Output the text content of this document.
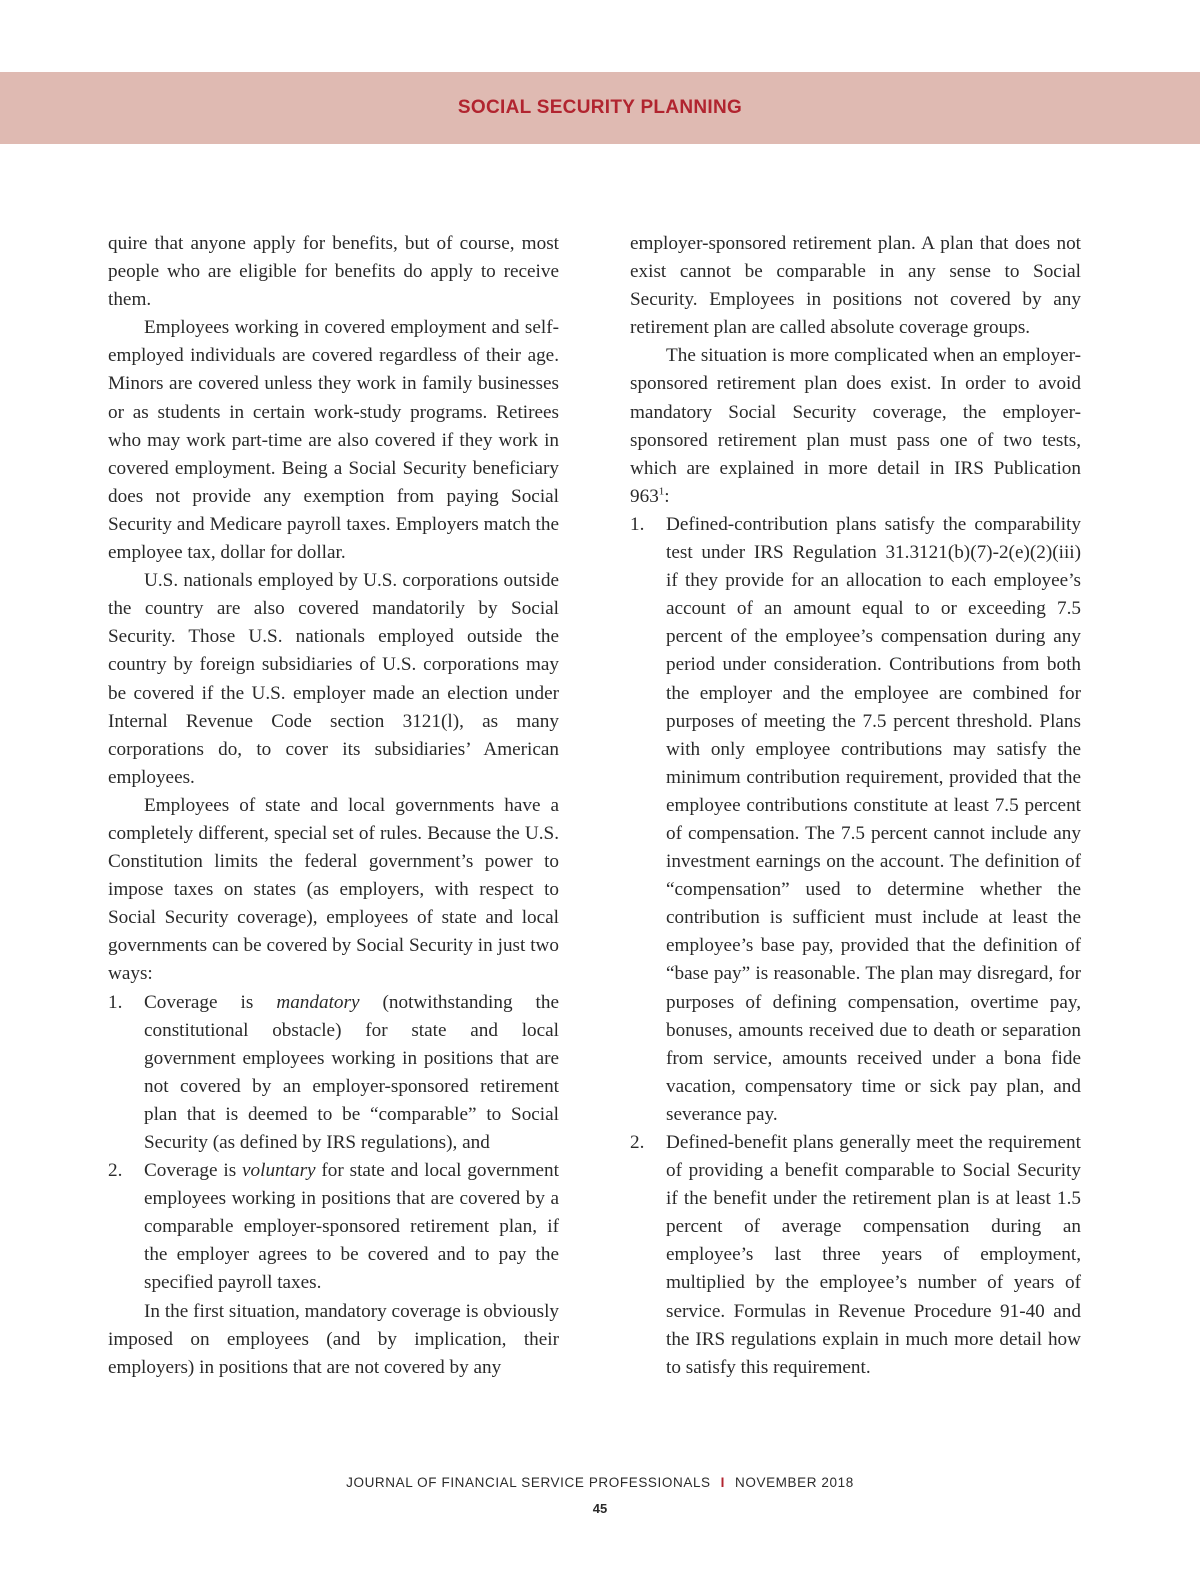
SOCIAL SECURITY PLANNING

quire that anyone apply for benefits, but of course, most people who are eligible for benefits do apply to receive them.

Employees working in covered employment and self-employed individuals are covered regardless of their age. Minors are covered unless they work in family businesses or as students in certain work-study programs. Retirees who may work part-time are also covered if they work in covered employment. Being a Social Security beneficiary does not provide any exemption from paying Social Security and Medicare payroll taxes. Employers match the employee tax, dollar for dollar.

U.S. nationals employed by U.S. corporations outside the country are also covered mandatorily by Social Security. Those U.S. nationals employed outside the country by foreign subsidiaries of U.S. corporations may be covered if the U.S. employer made an election under Internal Revenue Code section 3121(l), as many corporations do, to cover its subsidiaries’ American employees.

Employees of state and local governments have a completely different, special set of rules. Because the U.S. Constitution limits the federal government’s power to impose taxes on states (as employers, with respect to Social Security coverage), employees of state and local governments can be covered by Social Security in just two ways:

1. Coverage is mandatory (notwithstanding the constitutional obstacle) for state and local government employees working in positions that are not covered by an employer-sponsored retirement plan that is deemed to be “comparable” to Social Security (as defined by IRS regulations), and
2. Coverage is voluntary for state and local government employees working in positions that are covered by a comparable employer-sponsored retirement plan, if the employer agrees to be covered and to pay the specified payroll taxes.

In the first situation, mandatory coverage is obviously imposed on employees (and by implication, their employers) in positions that are not covered by any

employer-sponsored retirement plan. A plan that does not exist cannot be comparable in any sense to Social Security. Employees in positions not covered by any retirement plan are called absolute coverage groups.

The situation is more complicated when an employer-sponsored retirement plan does exist. In order to avoid mandatory Social Security coverage, the employer-sponsored retirement plan must pass one of two tests, which are explained in more detail in IRS Publication $963^1$:

1. Defined-contribution plans satisfy the comparability test under IRS Regulation 31.3121(b)(7)-2(e)(2)(iii) if they provide for an allocation to each employee’s account of an amount equal to or exceeding 7.5 percent of the employee’s compensation during any period under consideration. Contributions from both the employer and the employee are combined for purposes of meeting the 7.5 percent threshold. Plans with only employee contributions may satisfy the minimum contribution requirement, provided that the employee contributions constitute at least 7.5 percent of compensation. The 7.5 percent cannot include any investment earnings on the account. The definition of “compensation” used to determine whether the contribution is sufficient must include at least the employee’s base pay, provided that the definition of “base pay” is reasonable. The plan may disregard, for purposes of defining compensation, overtime pay, bonuses, amounts received due to death or separation from service, amounts received under a bona fide vacation, compensatory time or sick pay plan, and severance pay.
2. Defined-benefit plans generally meet the requirement of providing a benefit comparable to Social Security if the benefit under the retirement plan is at least 1.5 percent of average compensation during an employee’s last three years of employment, multiplied by the employee’s number of years of service. Formulas in Revenue Procedure 91-40 and the IRS regulations explain in much more detail how to satisfy this requirement.
JOURNAL OF FINANCIAL SERVICE PROFESSIONALS I NOVEMBER 2018
45
